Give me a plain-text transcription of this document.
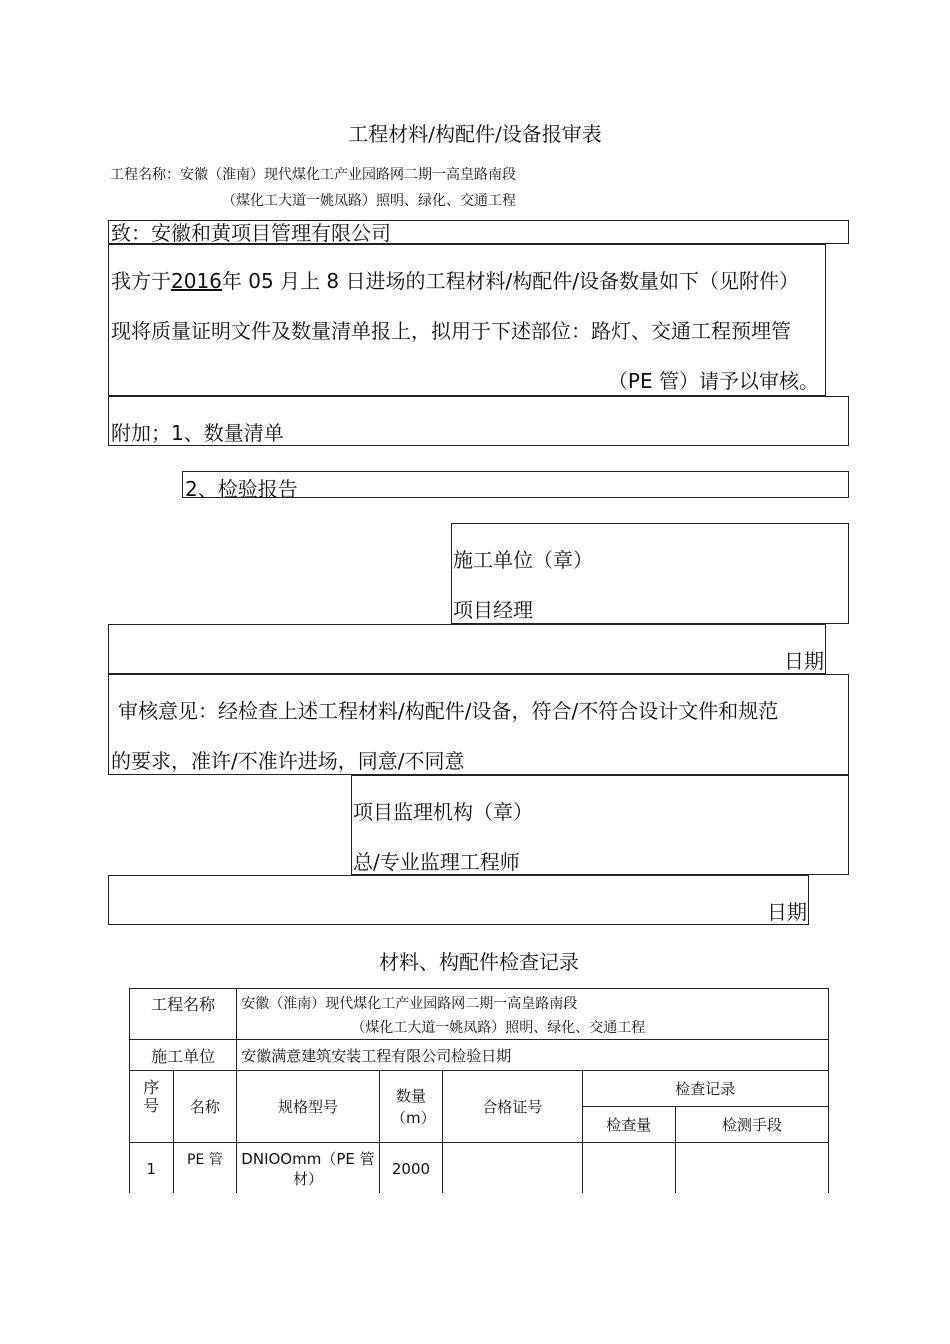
工程材料/构配件/设备报审表
工程名称：安徽（淮南）现代煤化工产业园路网二期一高皇路南段
（煤化工大道一姚凤路）照明、绿化、交通工程
致：安徽和黄项目管理有限公司
我方于2016年 05 月上 8 日进场的工程材料/构配件/设备数量如下（见附件）
现将质量证明文件及数量清单报上，拟用于下述部位：路灯、交通工程预埋管
（PE 管）请予以审核。
附加；1、数量清单
2、检验报告
施工单位（章）
项目经理
日期
审核意见：经检查上述工程材料/构配件/设备，符合/不符合设计文件和规范
的要求，准许/不准许进场，同意/不同意
项目监理机构（章）
总/专业监理工程师
日期
材料、构配件检查记录
工程名称		安徽（淮南）现代煤化工产业园路网二期一高皇路南段
（煤化工大道一姚凤路）照明、绿化、交通工程				

施工单位		安徽满意建筑安装工程有限公司检验日期				

序号	名称	规格型号	数量（m）	合格证号	检查记录	
					检查量	检测手段
1	PE 管	DNIOOmm（PE 管材）	2000			
